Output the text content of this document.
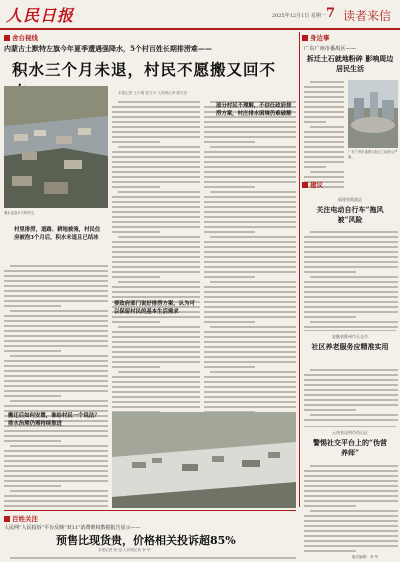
人民日报	2025年12月1日 星期一 7 读者来信
舍台视线
内蒙古土默特左旗今年夏季遭遇强降水，5个村百姓长期排涝难——
积水三个月未退，村民不愿搬又回不
本报记者 王小明 张文平 人民网记者 陈宏亮
遭水浸泡多日的村庄。
村里排涝，道路、耕地被淹，村民住房被泡3个月后，积水未退且已结冰
部分村民不理解，不信任政府排涝方案，村庄排水困境仍难破解
要政府部门说好排涝方案，认为可以保留村民的基本生活需求
搬迁后如何安置，谁给村民一个说法？排水治理仍需持续推进
身边事
广东广州市番禺区——
拆迁土石就地粉碎 影响周边居民生活
广东广州市番禺区拆迁工地扬尘严重。
建议
福建省霞浦县
关注电动自行车“拖风被”风险
安徽省滁州市天长市
社区养老服务应精准实用
云南省昆明市西山区
警惕社交平台上的“伪营养师”
百姓关注
人民网“人民投诉”平台反映“双11”消费维权数据报告显示——
预售比现货贵，价格相关投诉超85%
本报记者 张 旭 人民网记者 李 华
版式编辑：李 华
